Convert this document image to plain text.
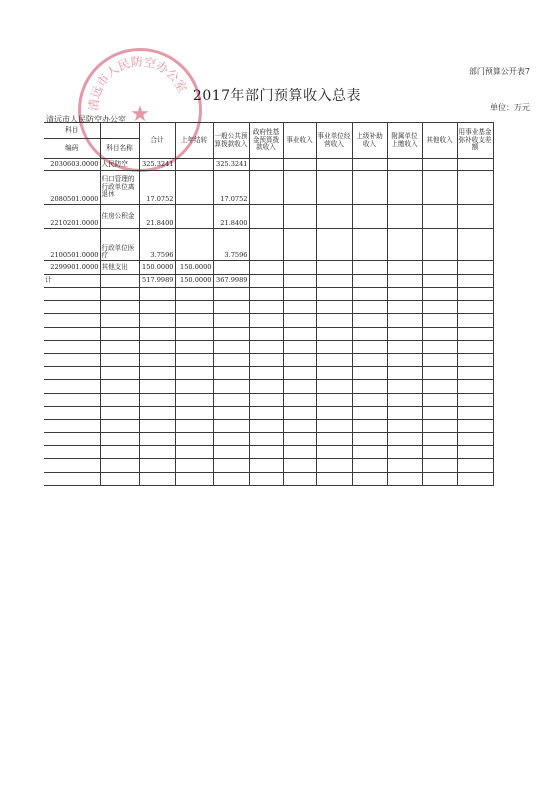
部门预算公开表7
清远市人民防空办公室
★
2017年部门预算收入总表
单位：万元
清远市人民防空办公室
科目		合计	上年结转	一般公共预算拨款收入	政府性基金预算拨款收入	事业收入	事业单位经营收入	上级补助收入	附属单位上缴收入	其他收入	用事业基金弥补收支差额
编码	科目名称										
2030603.0000	人民防空	325.3241		325.3241							
2080501.0000	归口管理的行政单位离退休	17.0752		17.0752							
2210201.0000	住房公积金	21.8400		21.8400							
2100501.0000	行政单位医疗	3.7596		3.7596							
2299901.0000	其他支出	150.0000	150.0000								
计		517.9989	150.0000	367.9989							
